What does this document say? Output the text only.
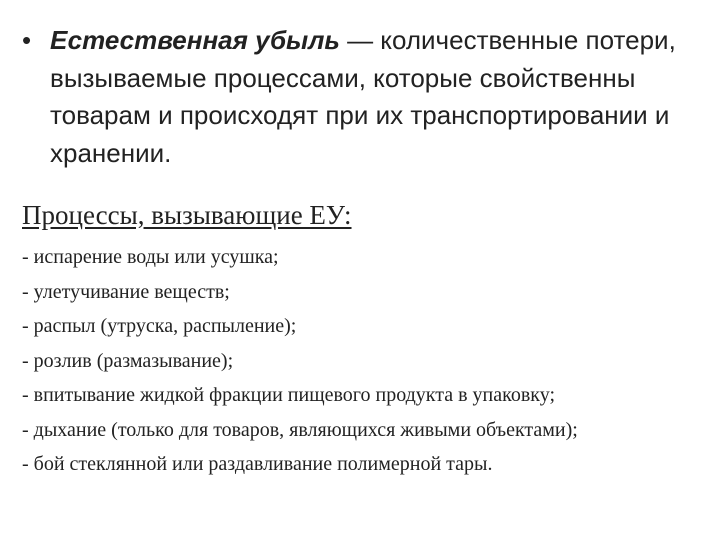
• Естественная убыль — количественные потери, вызываемые процессами, которые свойственны товарам и происходят при их транспортировании и хранении.
Процессы, вызывающие ЕУ:
- испарение воды или усушка;
- улетучивание веществ;
- распыл (утруска, распыление);
- розлив (размазывание);
- впитывание жидкой фракции пищевого продукта в упаковку;
- дыхание (только для товаров, являющихся живыми объектами);
- бой стеклянной или раздавливание полимерной тары.
